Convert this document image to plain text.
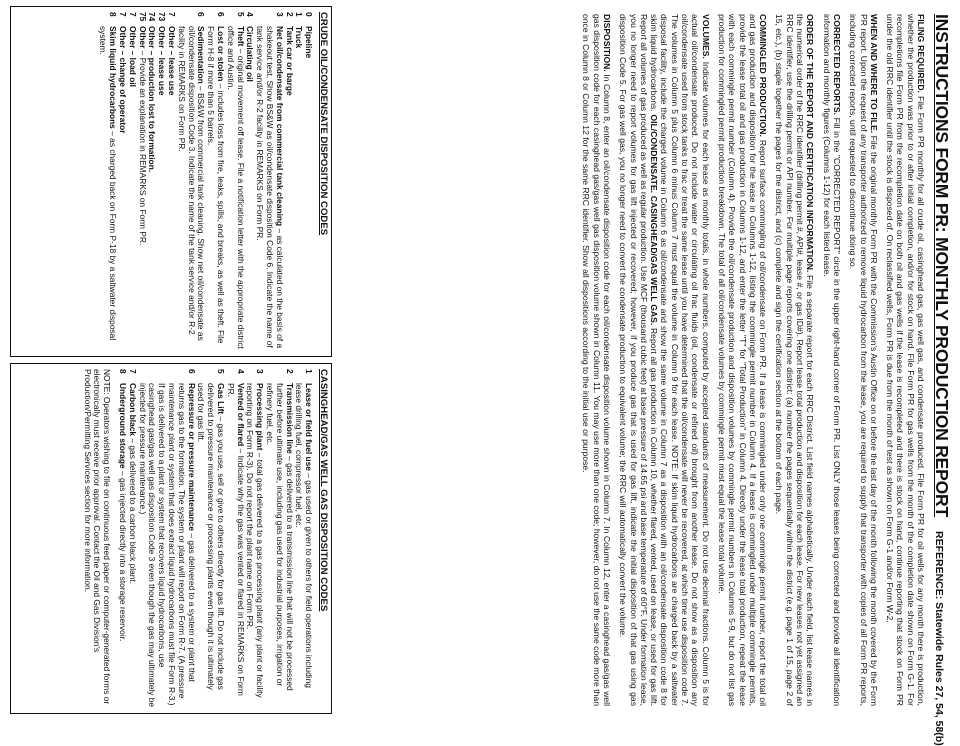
INSTRUCTIONS FORM PR: MONTHLY PRODUCTION REPORT
REFERENCE: Statewide Rules 27, 54, 58(b)

FILING REQUIRED. File Form PR monthly for all crude oil, casinghead gas, gas well gas, and condensate produced. File Form PR for oil wells for any month there is production, whether the production was prior to or after initial completion, and/or for stock on hand. File Form PR for gas wells from the month of the completion date shown on Form G-1. For recompletions file Form PR from the recompletion date on both oil and gas wells if the lease is recompleted and there is stock on hand, continue reporting that stock on Form PR under the old RRC identifier until the stock is disposed of. On reclassified wells, Form PR is due from the month of test as shown on Form G-1 and/or Form W-2.

WHEN AND WHERE TO FILE. File the original monthly Form PR with the Commission's Austin Office on or before the last day of the month following the month covered by the Form PR report. Upon the request of any transporter authorized to remove liquid hydrocarbon from the lease, you are required to supply that transporter with copies of all Form PR reports, including corrected reports, until requested to discontinue doing so.

CORRECTED REPORTS. Fill in the "CORRECTED REPORT" circle in the upper right-hand corner of Form PR. List ONLY those leases being corrected and provide all identification information and monthly figures (Columns 1-12) for each listed lease.

ORDER OF THE REPORT AND CERTIFICATION INFORMATION. File a separate report for each RRC District. List field names alphabetically. Under each field, list lease names in the numerical order of the RRC identifier (drilling permit #, API#, lease #, or gas ID#). Report lease total production and disposition for each lease. For new leases not yet assigned an RRC identifier, use the drilling permit or API number. For multiple page reports covering one district: (a) number the pages sequentially within the district (e.g. page 1 of 15, page 2 of 15, etc.), (b) staple together the pages for the district, and (c) complete and sign the certification section at the bottom of each page.

COMMINGLED PRODUCTION. Report surface commingling of oil/condensate on Form PR. If a lease is commingled under only one commingle permit number, report the total oil and gas production and disposition for the lease in Columns 1-12, listing the commingle permit number in Column 4. If a lease is commingled under multiple commingle permits, provide the lease total oil and gas production in Columns 1-12, and enter the letter "T" for "Total Production" in Column 4. Directly under the lease total production, repeat the lease with each commingle permit number (Column 4). Provide the oil/condensate production and disposition volumes by commingle permit numbers in Columns 5-9, but do not list gas production for commingled permit production breakdown. The total of all oil/condensate volumes by commingle permit must equal the lease total volume.

VOLUMES. Indicate volumes for each lease as monthly totals, in whole numbers, computed by accepted standards of measurement. Do not use decimal fractions. Column 5 is for actual oil/condensate produced. Do not include water or circulating oil frac fluids (oil, condensate or refined oil) brought from another lease. Do not show as a disposition any oil/condensate used from stock tanks to frac or treat the same lease until you have determined that the oil/condensate will never be recovered, at which time use disposition code 7. The volumes in Column 5 plus Column 6 minus Column 7 must equal the volume in Column 9 for each lease. NOTE: If skim liquid hydrocarbons are charged back by a saltwater disposal facility, include the charged volume in Column 6 as oil/condensate and show the same volume in Column 7 as a disposition with an oil/condensate disposition code 8 for skim liquid hydrocarbons. OIL/CONDENSATE. CASINGHEAD/GAS WELL GAS. Report all gas production in Column 10, whether flared, vented, used on lease, or used for gas lift. Report all volumes of gas produced as well as regular production. Use MCF (thousand cubic feet) at base pressure of 14.65 psi and base temperature of 60°F. Under formation lease, you no longer need to report volumes for gas lift injected or recovered; however, if you produce gas that is used for gas lift, indicate the initial disposition of that gas using gas disposition Code 5. For gas well gas, you no longer need to convert the condensate production to equivalent volume; the RRC will automatically convert the volume.

DISPOSITION. In Column 8, enter an oil/condensate disposition code for each oil/condensate disposition volume shown in Column 7. In Column 12, enter a casinghead gas/gas well gas disposition code for each casinghead gas/gas well gas disposition volume shown in Column 11. You may use more than one code; however, do not use the same code more than once in Column 8 or Column 12 for the same RRC identifier. Show all dispositions according to the initial use or purpose.

CRUDE OIL/CONDENSATE DISPOSITION CODES
0
Pipeline
1
Truck
2
Tank car or barge
3
Net oil/condensate from commercial tank cleaning – as calculated on the basis of a shakeout test. Show BS&W as oil/condensate disposition Code 6. Indicate the name of tank service and/or R-2 facility in REMARKS on Form PR.
4
Circulating oil
5
Theft – original movement off lease. File a notification letter with the appropriate district office and Austin.
6
Lost or stolen – includes loss from fire, leaks, spills, and breaks, as well as theft. File Form H-8 if more than 5 barrels.
6
Sedimentation – BS&W from commercial tank cleaning. Show net oil/condensate as oil/condensate disposition Code 3. Indicate the name of the tank service and/or R-2 facility in REMARKS on Form PR.
7
Other – lease use
73
Other – lease use
74
Other – production lost to formation.
75
Other – Provide an explanation in REMARKS on Form PR.
7
Other – load oil
7
Other – change of operator
8
Skim liquid hydrocarbons – as charged back on Form P-18 by a saltwater disposal system.
CASINGHEAD/GAS WELL GAS DISPOSITION CODES
1
Lease or field fuel use – gas used or given to others for field operations including lease drilling fuel, compressor fuel, etc.
2
Transmission line – gas delivered to a transmission line that will not be processed further before ultimate use, including gas used for industrial purposes, irrigation or refinery fuel, etc.
3
Processing plant – total gas delivered to a gas processing plant (any plant or facility reporting on Form R-3). Do not report the plant name on Form PR.
4
Vented or flared – Indicate why the gas was vented or flared in REMARKS on Form PR.
5
Gas Lift – gas you use, sell or give to others directly for gas lift. Do not include gas delivered to pressure maintenance or processing plants even though it is ultimately used for gas lift.
6
Repressure or pressure maintenance – gas delivered to a system or plant that returns gas to the formation. The system or plant will report on Form R-7. (A pressure maintenance plant or system that does extract liquid hydrocarbons must file Form R-3.) If gas is delivered to a plant or system that recovers liquid hydrocarbons, use casinghead gas/gas well gas disposition Code 3 even though the gas may ultimately be injected for pressure maintenance.)
7
Carbon black – gas delivered to a carbon black plant.
8
Underground storage – gas injected directly into a storage reservoir.
NOTE: Operators wishing to file on continuous feed paper or computer-generated forms or electronically must receive prior approval. Contact the Oil and Gas Division's Production/Permitting Services section for more information.
